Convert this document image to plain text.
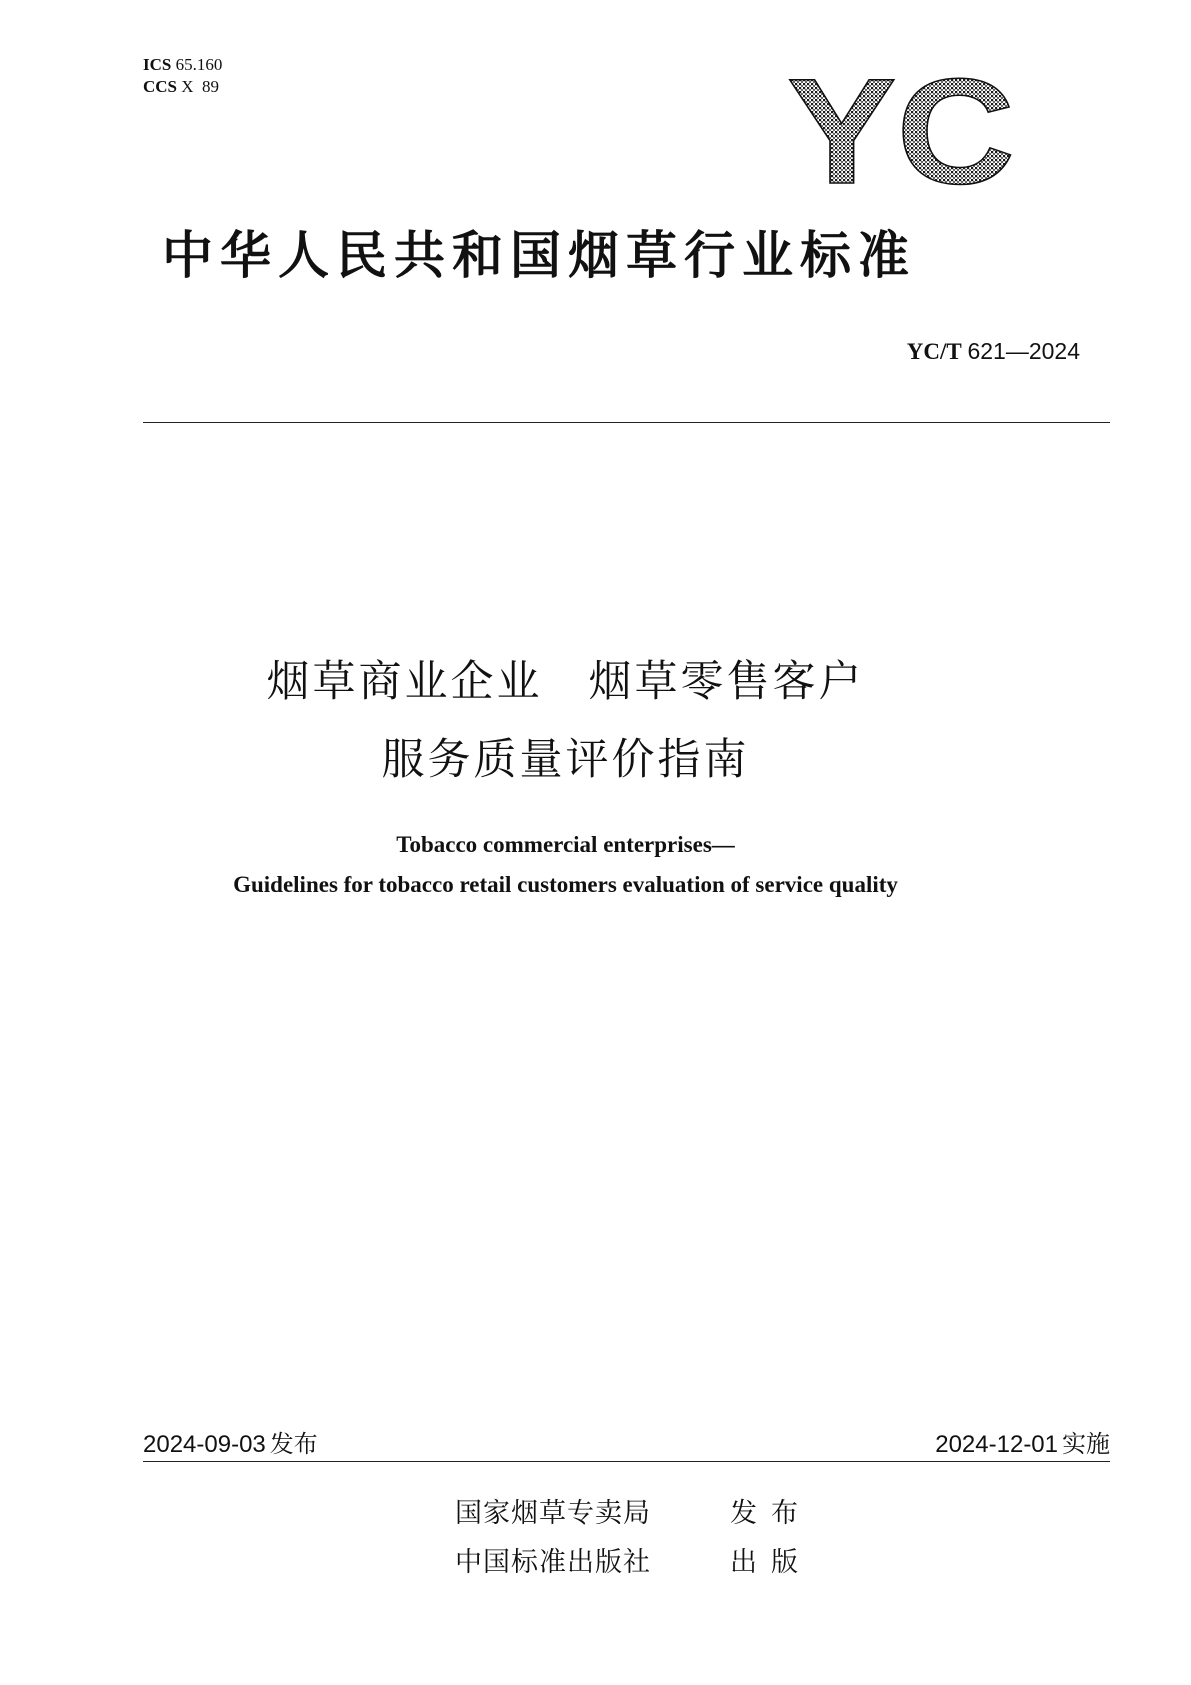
ICS 65.160
CCS X  89	YC
中华人民共和国烟草行业标准
YC/T 621—2024
烟草商业企业　烟草零售客户
服务质量评价指南
Tobacco commercial enterprises—
Guidelines for tobacco retail customers evaluation of service quality
2024-09-03 发布	2024-12-01 实施
国家烟草专卖局	发布
中国标准出版社	出版
